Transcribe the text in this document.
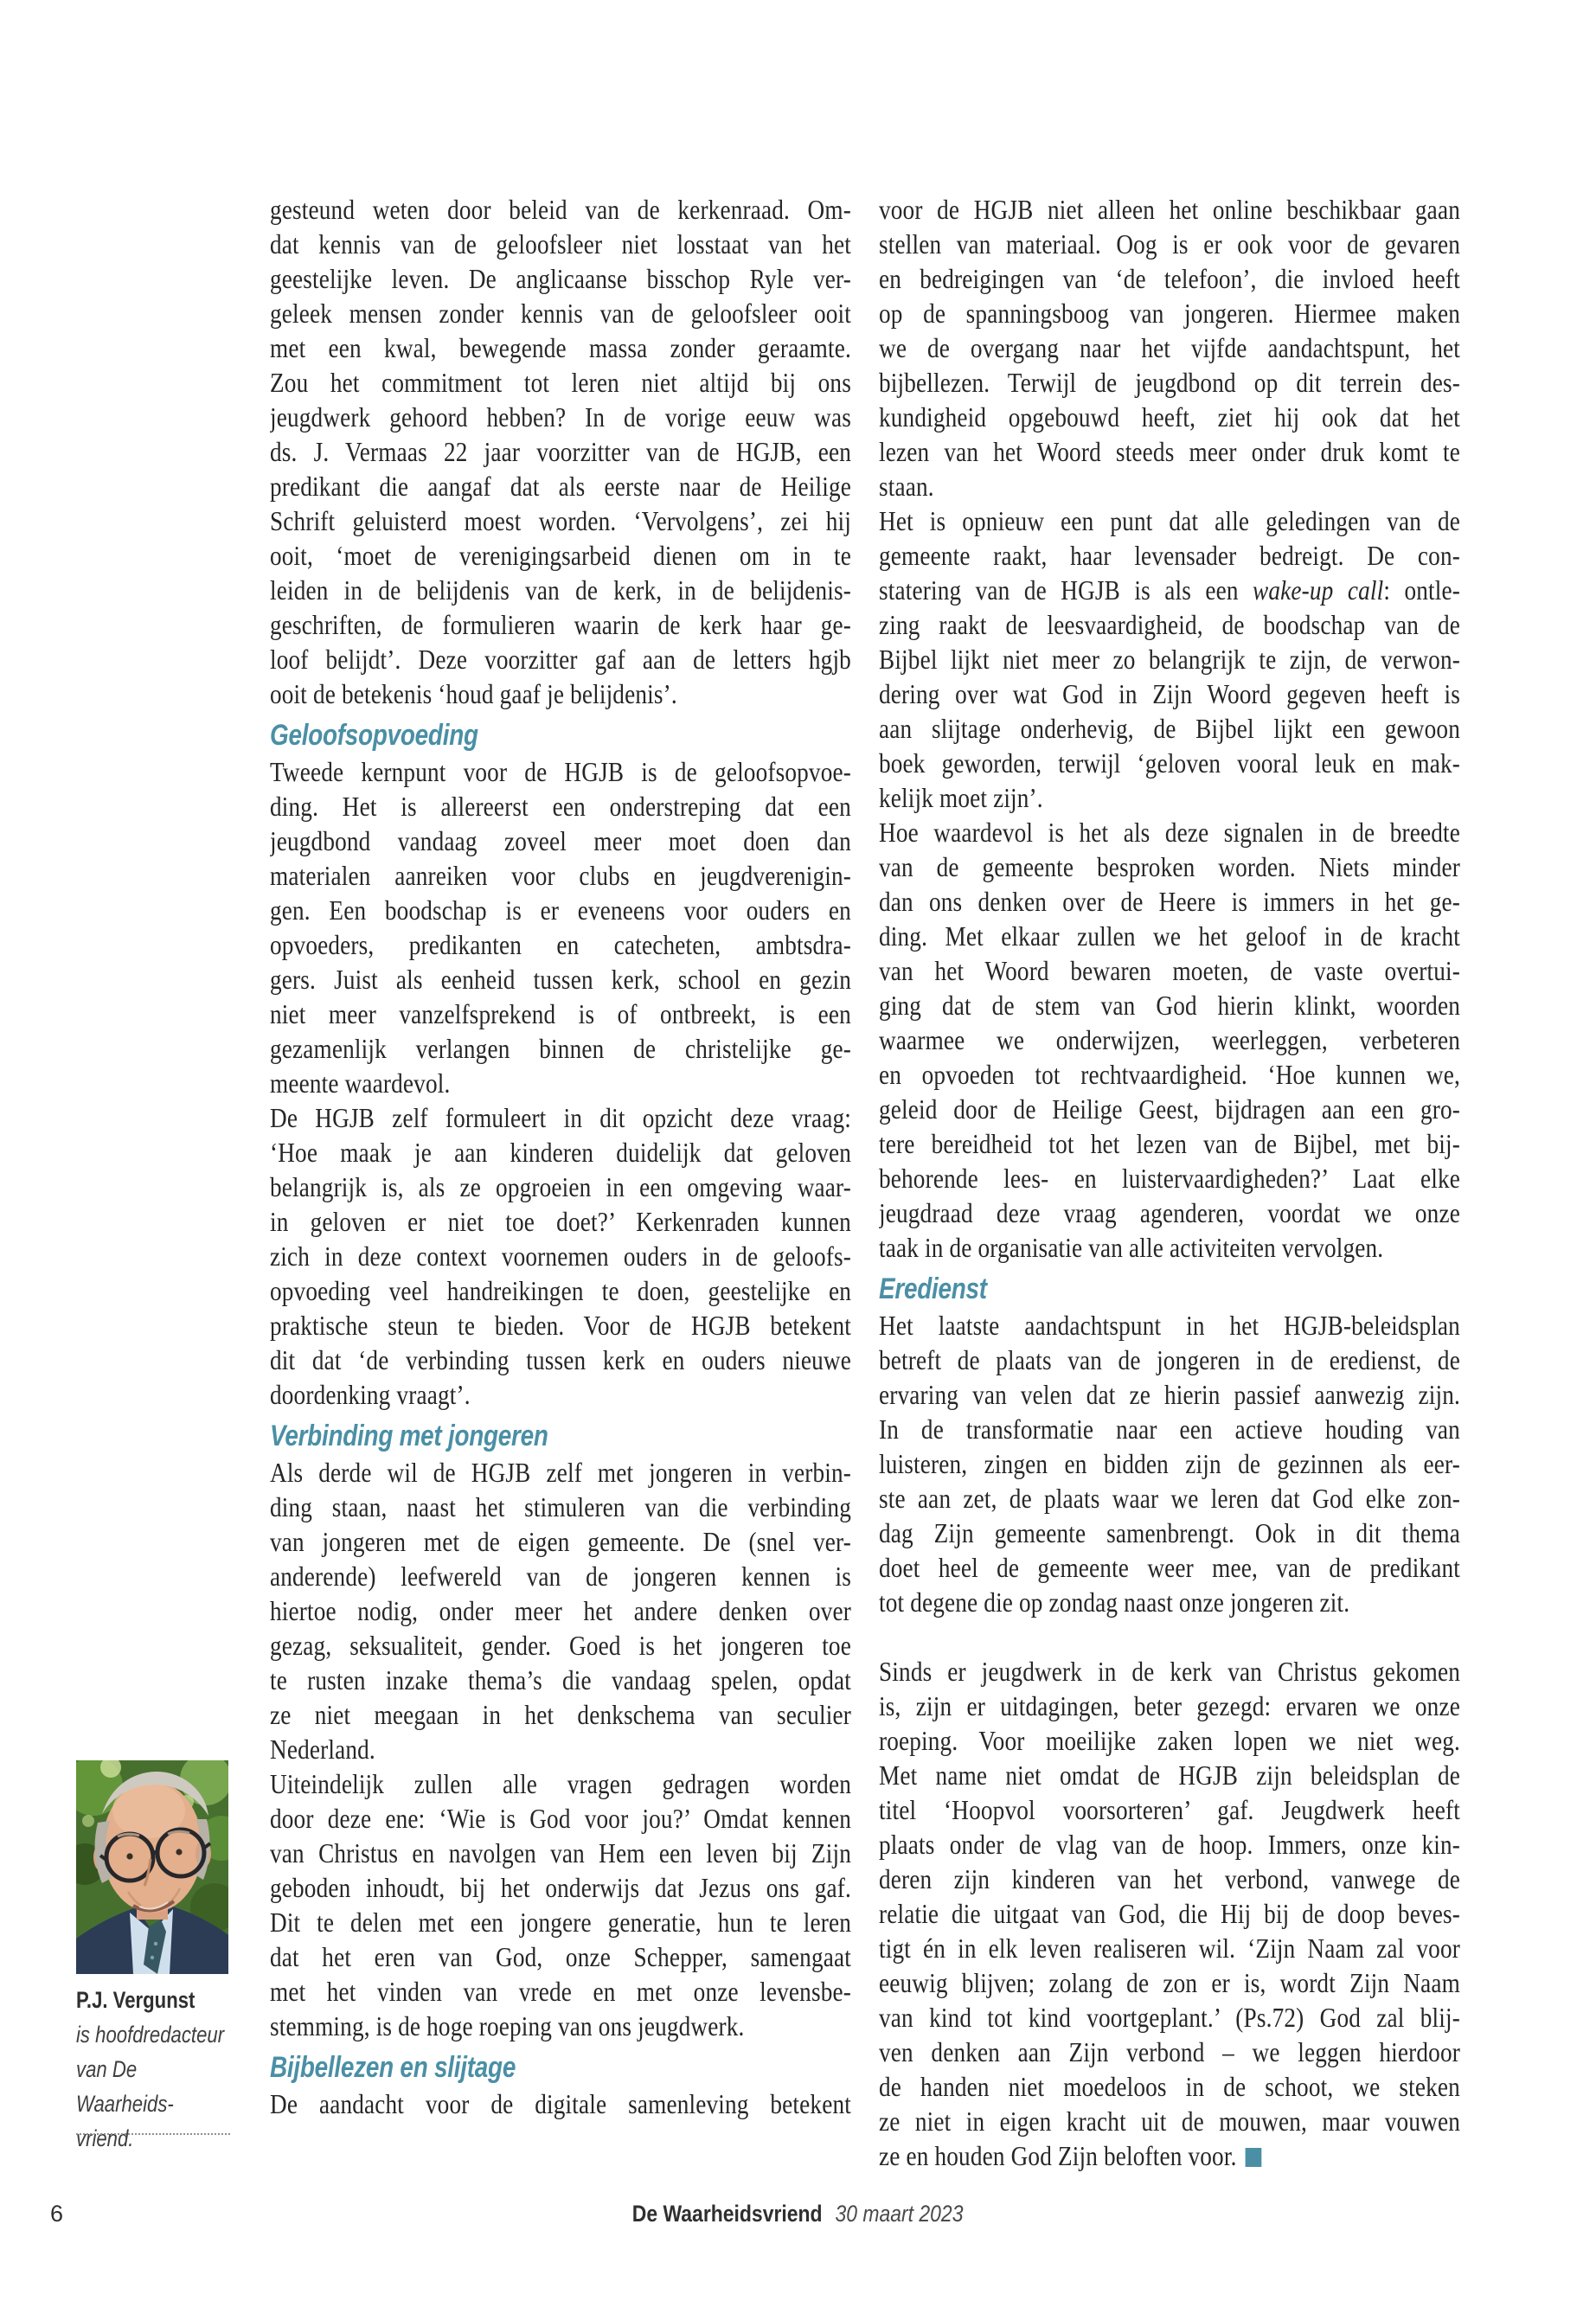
gesteund weten door beleid van de kerkenraad. Om-
dat kennis van de geloofsleer niet losstaat van het
geestelijke leven. De anglicaanse bisschop Ryle ver-
geleek mensen zonder kennis van de geloofsleer ooit
met een kwal, bewegende massa zonder geraamte.
Zou het commitment tot leren niet altijd bij ons
jeugdwerk gehoord hebben? In de vorige eeuw was
ds. J. Vermaas 22 jaar voorzitter van de HGJB, een
predikant die aangaf dat als eerste naar de Heilige
Schrift geluisterd moest worden. ‘Vervolgens’, zei hij
ooit, ‘moet de verenigingsarbeid dienen om in te
leiden in de belijdenis van de kerk, in de belijdenis-
geschriften, de formulieren waarin de kerk haar ge-
loof belijdt’. Deze voorzitter gaf aan de letters hgjb
ooit de betekenis ‘houd gaaf je belijdenis’.
Geloofsopvoeding
Tweede kernpunt voor de HGJB is de geloofsopvoe-
ding. Het is allereerst een onderstreping dat een
jeugdbond vandaag zoveel meer moet doen dan
materialen aanreiken voor clubs en jeugdverenigin-
gen. Een boodschap is er eveneens voor ouders en
opvoeders, predikanten en catecheten, ambtsdra-
gers. Juist als eenheid tussen kerk, school en gezin
niet meer vanzelfsprekend is of ontbreekt, is een
gezamenlijk verlangen binnen de christelijke ge-
meente waardevol.
De HGJB zelf formuleert in dit opzicht deze vraag:
‘Hoe maak je aan kinderen duidelijk dat geloven
belangrijk is, als ze opgroeien in een omgeving waar-
in geloven er niet toe doet?’ Kerkenraden kunnen
zich in deze context voornemen ouders in de geloofs-
opvoeding veel handreikingen te doen, geestelijke en
praktische steun te bieden. Voor de HGJB betekent
dit dat ‘de verbinding tussen kerk en ouders nieuwe
doordenking vraagt’.
Verbinding met jongeren
Als derde wil de HGJB zelf met jongeren in verbin-
ding staan, naast het stimuleren van die verbinding
van jongeren met de eigen gemeente. De (snel ver-
anderende) leefwereld van de jongeren kennen is
hiertoe nodig, onder meer het andere denken over
gezag, seksualiteit, gender. Goed is het jongeren toe
te rusten inzake thema’s die vandaag spelen, opdat
ze niet meegaan in het denkschema van seculier
Nederland.
Uiteindelijk zullen alle vragen gedragen worden
door deze ene: ‘Wie is God voor jou?’ Omdat kennen
van Christus en navolgen van Hem een leven bij Zijn
geboden inhoudt, bij het onderwijs dat Jezus ons gaf.
Dit te delen met een jongere generatie, hun te leren
dat het eren van God, onze Schepper, samengaat
met het vinden van vrede en met onze levensbe-
stemming, is de hoge roeping van ons jeugdwerk.
Bijbellezen en slijtage
De aandacht voor de digitale samenleving betekent
voor de HGJB niet alleen het online beschikbaar gaan
stellen van materiaal. Oog is er ook voor de gevaren
en bedreigingen van ‘de telefoon’, die invloed heeft
op de spanningsboog van jongeren. Hiermee maken
we de overgang naar het vijfde aandachtspunt, het
bijbellezen. Terwijl de jeugdbond op dit terrein des-
kundigheid opgebouwd heeft, ziet hij ook dat het
lezen van het Woord steeds meer onder druk komt te
staan.
Het is opnieuw een punt dat alle geledingen van de
gemeente raakt, haar levensader bedreigt. De con-
statering van de HGJB is als een wake-up call: ontle-
zing raakt de leesvaardigheid, de boodschap van de
Bijbel lijkt niet meer zo belangrijk te zijn, de verwon-
dering over wat God in Zijn Woord gegeven heeft is
aan slijtage onderhevig, de Bijbel lijkt een gewoon
boek geworden, terwijl ‘geloven vooral leuk en mak-
kelijk moet zijn’.
Hoe waardevol is het als deze signalen in de breedte
van de gemeente besproken worden. Niets minder
dan ons denken over de Heere is immers in het ge-
ding. Met elkaar zullen we het geloof in de kracht
van het Woord bewaren moeten, de vaste overtui-
ging dat de stem van God hierin klinkt, woorden
waarmee we onderwijzen, weerleggen, verbeteren
en opvoeden tot rechtvaardigheid. ‘Hoe kunnen we,
geleid door de Heilige Geest, bijdragen aan een gro-
tere bereidheid tot het lezen van de Bijbel, met bij-
behorende lees- en luistervaardigheden?’ Laat elke
jeugdraad deze vraag agenderen, voordat we onze
taak in de organisatie van alle activiteiten vervolgen.
Eredienst
Het laatste aandachtspunt in het HGJB-beleidsplan
betreft de plaats van de jongeren in de eredienst, de
ervaring van velen dat ze hierin passief aanwezig zijn.
In de transformatie naar een actieve houding van
luisteren, zingen en bidden zijn de gezinnen als eer-
ste aan zet, de plaats waar we leren dat God elke zon-
dag Zijn gemeente samenbrengt. Ook in dit thema
doet heel de gemeente weer mee, van de predikant
tot degene die op zondag naast onze jongeren zit.
Sinds er jeugdwerk in de kerk van Christus gekomen
is, zijn er uitdagingen, beter gezegd: ervaren we onze
roeping. Voor moeilijke zaken lopen we niet weg.
Met name niet omdat de HGJB zijn beleidsplan de
titel ‘Hoopvol voorsorteren’ gaf. Jeugdwerk heeft
plaats onder de vlag van de hoop. Immers, onze kin-
deren zijn kinderen van het verbond, vanwege de
relatie die uitgaat van God, die Hij bij de doop beves-
tigt én in elk leven realiseren wil. ‘Zijn Naam zal voor
eeuwig blijven; zolang de zon er is, wordt Zijn Naam
van kind tot kind voortgeplant.’ (Ps.72) God zal blij-
ven denken aan Zijn verbond – we leggen hierdoor
de handen niet moedeloos in de schoot, we steken
ze niet in eigen kracht uit de mouwen, maar vouwen
ze en houden God Zijn beloften voor.
P.J. Vergunst
is hoofdredacteur
van De Waarheids-
vriend.
6	De Waarheidsvriend 30 maart 2023
